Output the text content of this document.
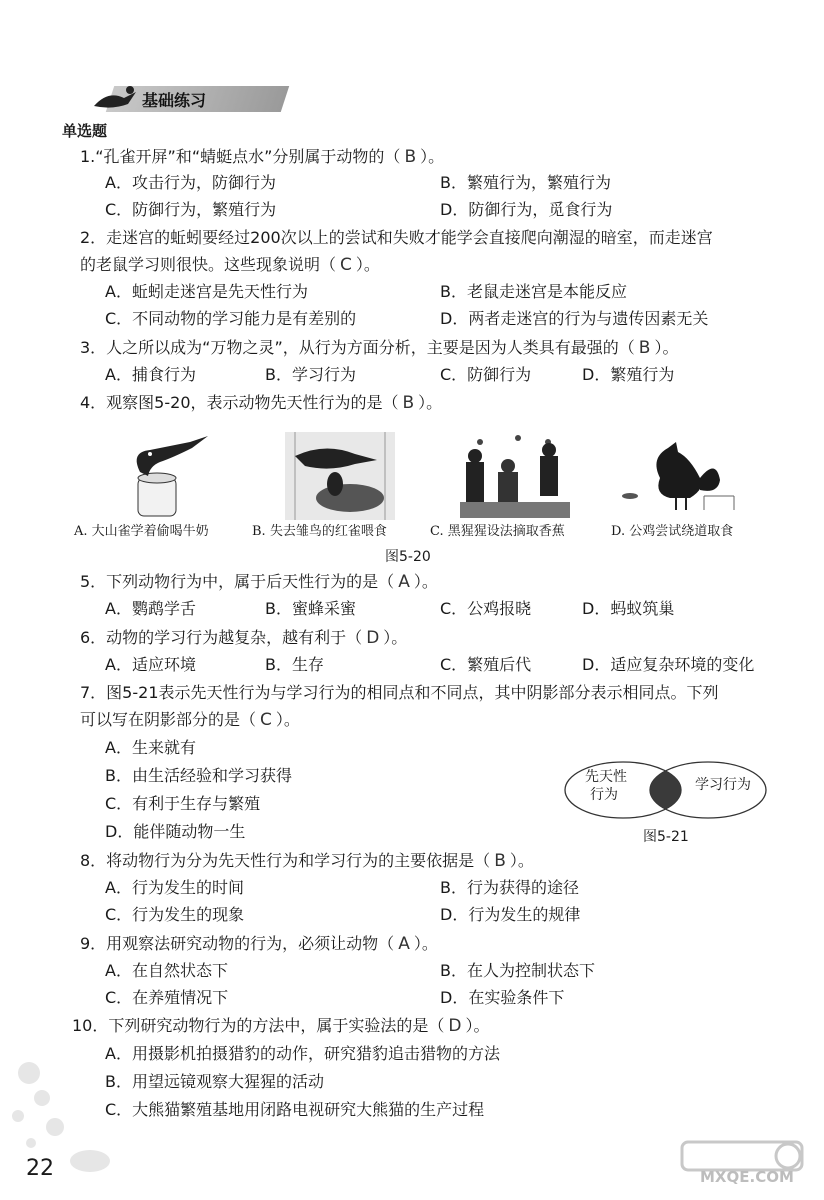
基础练习
单选题
1.“孔雀开屏”和“蜻蜓点水”分别属于动物的（ B ）。
A．攻击行为，防御行为	B．繁殖行为，繁殖行为
C．防御行为，繁殖行为	D．防御行为，觅食行为
2．走迷宫的蚯蚓要经过200次以上的尝试和失败才能学会直接爬向潮湿的暗室，而走迷宫
的老鼠学习则很快。这些现象说明（ C ）。
A．蚯蚓走迷宫是先天性行为	B．老鼠走迷宫是本能反应
C．不同动物的学习能力是有差别的	D．两者走迷宫的行为与遗传因素无关
3．人之所以成为“万物之灵”，从行为方面分析，主要是因为人类具有最强的（ B ）。
A．捕食行为	B．学习行为	C．防御行为	D．繁殖行为
4．观察图5-20，表示动物先天性行为的是（ B ）。
A. 大山雀学着偷喝牛奶	B. 失去雏鸟的红雀喂食	C. 黑猩猩设法摘取香蕉	D. 公鸡尝试绕道取食
图5-20
5．下列动物行为中，属于后天性行为的是（ A ）。
A．鹦鹉学舌	B．蜜蜂采蜜	C．公鸡报晓	D．蚂蚁筑巢
6．动物的学习行为越复杂，越有利于（ D ）。
A．适应环境	B．生存	C．繁殖后代	D．适应复杂环境的变化
7．图5-21表示先天性行为与学习行为的相同点和不同点，其中阴影部分表示相同点。下列
可以写在阴影部分的是（ C ）。
A．生来就有
B．由生活经验和学习获得
C．有利于生存与繁殖
D．能伴随动物一生
先天性
行为
学习行为
图5-21
8．将动物行为分为先天性行为和学习行为的主要依据是（ B ）。
A．行为发生的时间	B．行为获得的途径
C．行为发生的现象	D．行为发生的规律
9．用观察法研究动物的行为，必须让动物（ A ）。
A．在自然状态下	B．在人为控制状态下
C．在养殖情况下	D．在实验条件下
10．下列研究动物行为的方法中，属于实验法的是（ D ）。
A．用摄影机拍摄猎豹的动作，研究猎豹追击猎物的方法
B．用望远镜观察大猩猩的活动
C．大熊猫繁殖基地用闭路电视研究大熊猫的生产过程
22	MXQE.COM
